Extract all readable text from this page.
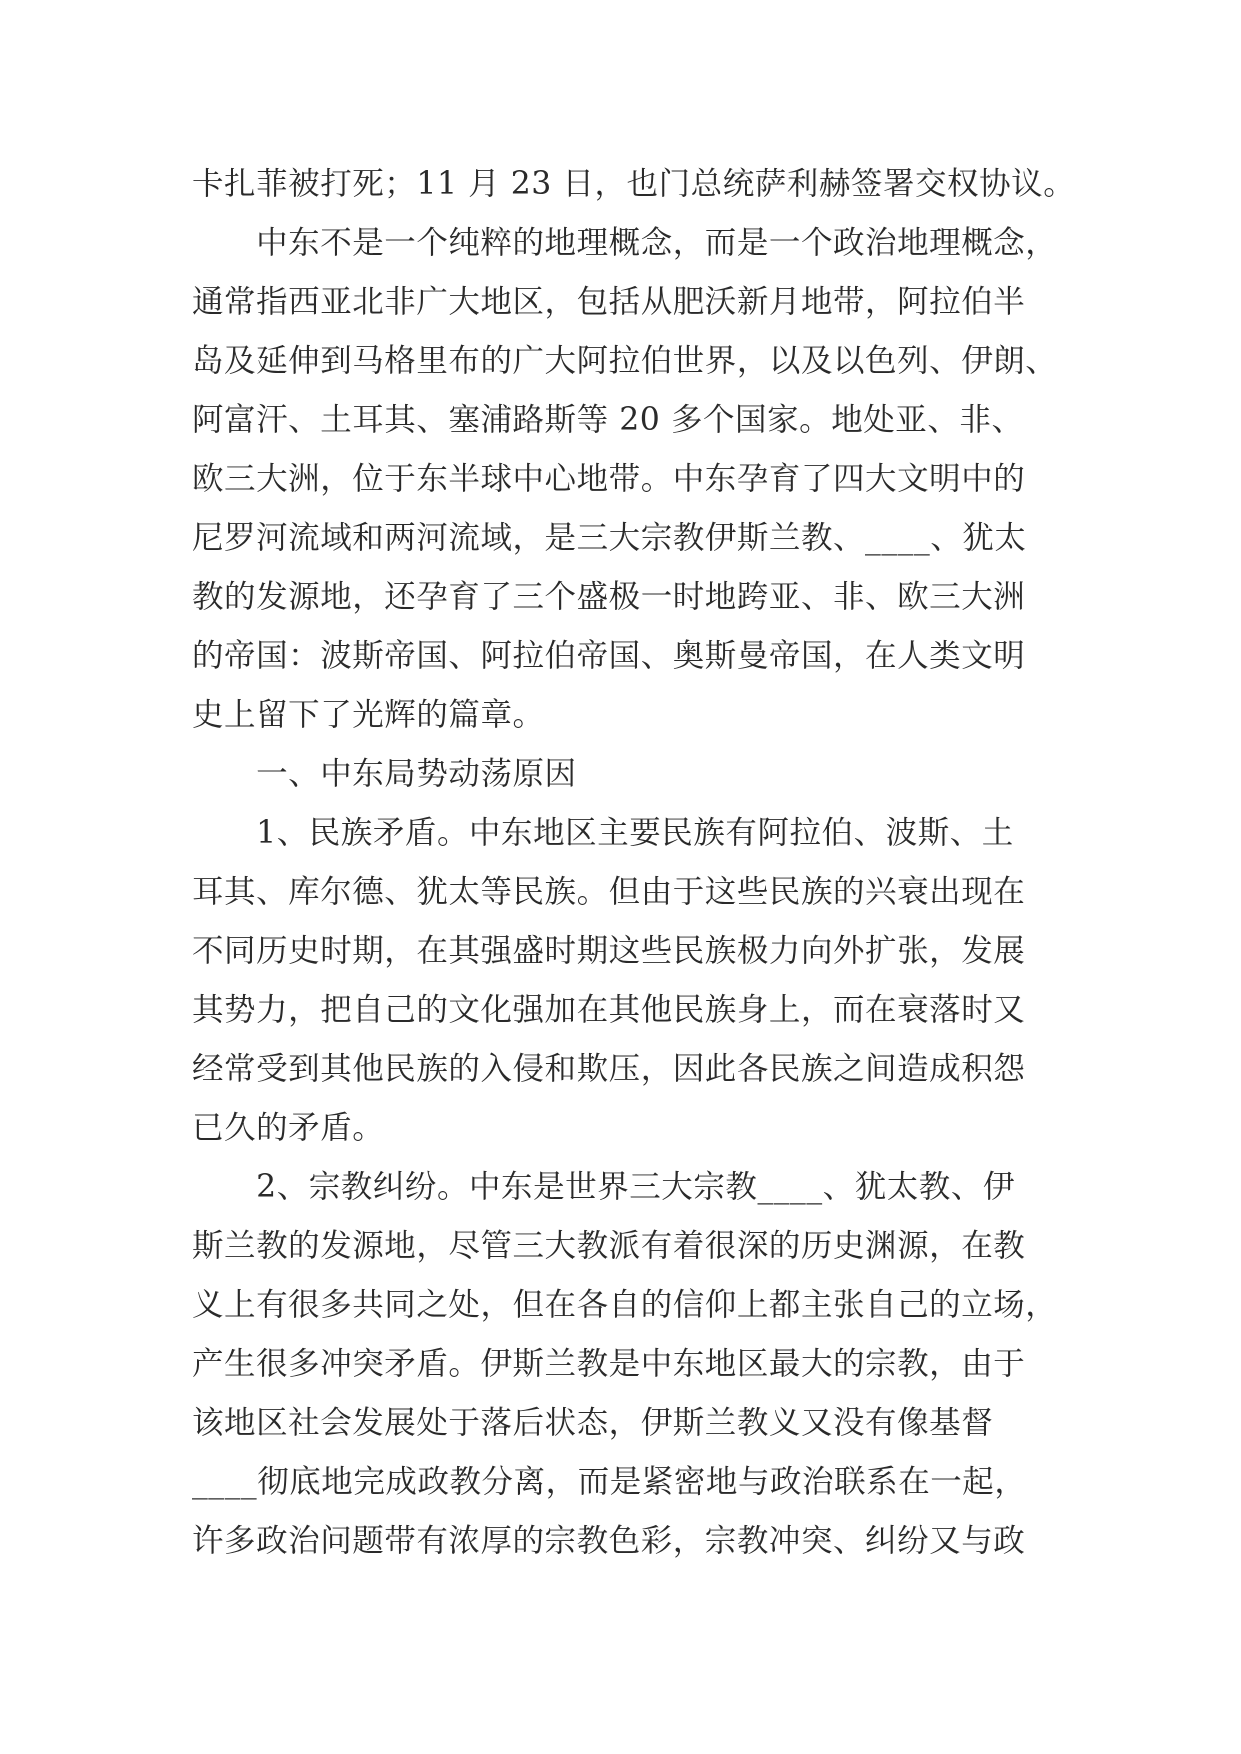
卡扎菲被打死；11 月 23 日，也门总统萨利赫签署交权协议。
　　中东不是一个纯粹的地理概念，而是一个政治地理概念，
通常指西亚北非广大地区，包括从肥沃新月地带，阿拉伯半
岛及延伸到马格里布的广大阿拉伯世界，以及以色列、伊朗、
阿富汗、土耳其、塞浦路斯等 20 多个国家。地处亚、非、
欧三大洲，位于东半球中心地带。中东孕育了四大文明中的
尼罗河流域和两河流域，是三大宗教伊斯兰教、____、犹太
教的发源地，还孕育了三个盛极一时地跨亚、非、欧三大洲
的帝国：波斯帝国、阿拉伯帝国、奥斯曼帝国，在人类文明
史上留下了光辉的篇章。
　　一、中东局势动荡原因
　　1、民族矛盾。中东地区主要民族有阿拉伯、波斯、土
耳其、库尔德、犹太等民族。但由于这些民族的兴衰出现在
不同历史时期，在其强盛时期这些民族极力向外扩张，发展
其势力，把自己的文化强加在其他民族身上，而在衰落时又
经常受到其他民族的入侵和欺压，因此各民族之间造成积怨
已久的矛盾。
　　2、宗教纠纷。中东是世界三大宗教____、犹太教、伊
斯兰教的发源地，尽管三大教派有着很深的历史渊源，在教
义上有很多共同之处，但在各自的信仰上都主张自己的立场，
产生很多冲突矛盾。伊斯兰教是中东地区最大的宗教，由于
该地区社会发展处于落后状态，伊斯兰教义又没有像基督
____彻底地完成政教分离，而是紧密地与政治联系在一起，
许多政治问题带有浓厚的宗教色彩，宗教冲突、纠纷又与政
